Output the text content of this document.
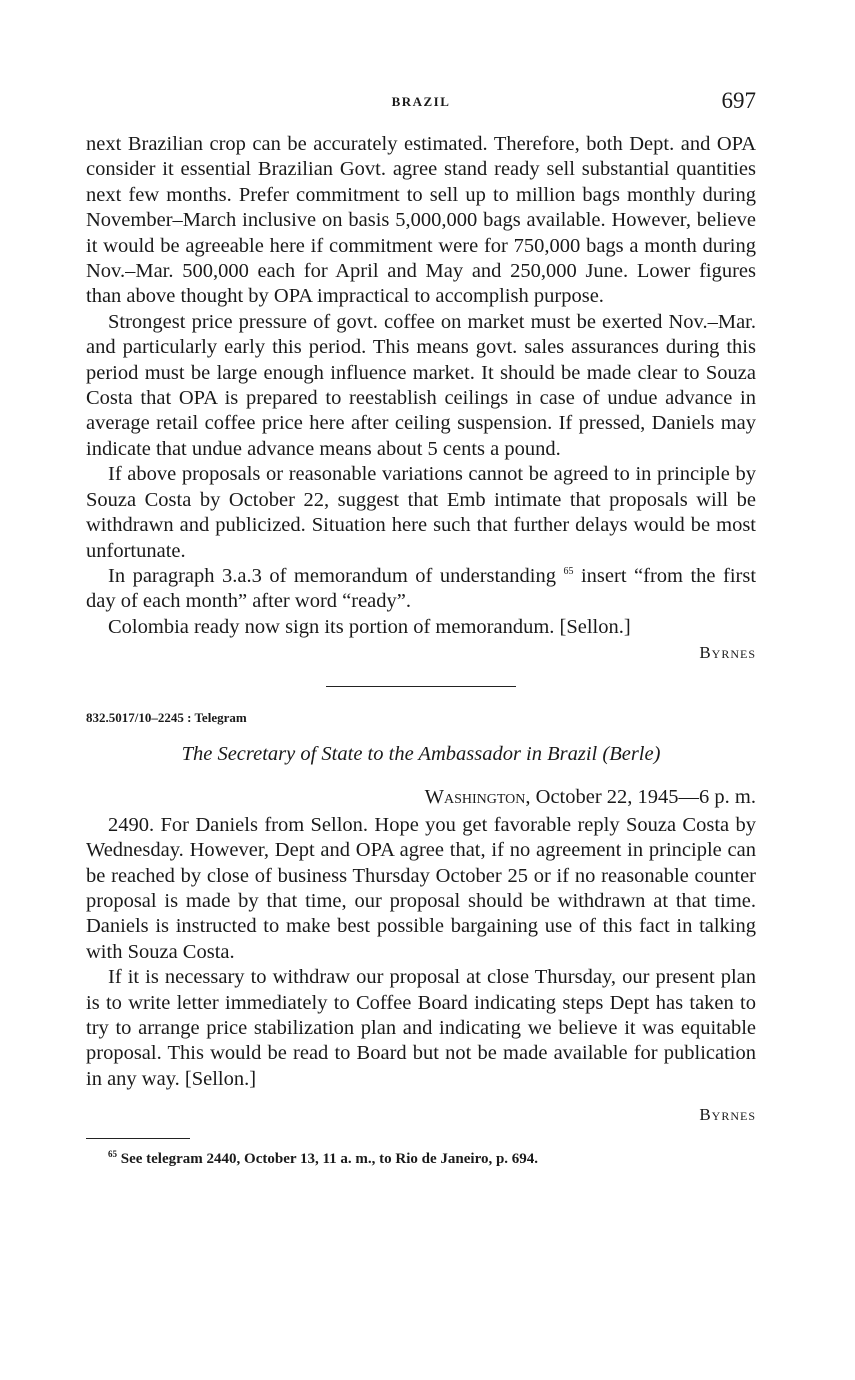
BRAZIL	697

next Brazilian crop can be accurately estimated. Therefore, both Dept. and OPA consider it essential Brazilian Govt. agree stand ready sell substantial quantities next few months. Prefer commitment to sell up to million bags monthly during November–March inclusive on basis 5,000,000 bags available. However, believe it would be agreeable here if commitment were for 750,000 bags a month during Nov.–Mar. 500,000 each for April and May and 250,000 June. Lower figures than above thought by OPA impractical to accomplish purpose.

Strongest price pressure of govt. coffee on market must be exerted Nov.–Mar. and particularly early this period. This means govt. sales assurances during this period must be large enough influence market. It should be made clear to Souza Costa that OPA is prepared to reestablish ceilings in case of undue advance in average retail coffee price here after ceiling suspension. If pressed, Daniels may indicate that undue advance means about 5 cents a pound.

If above proposals or reasonable variations cannot be agreed to in principle by Souza Costa by October 22, suggest that Emb intimate that proposals will be withdrawn and publicized. Situation here such that further delays would be most unfortunate.

In paragraph 3.a.3 of memorandum of understanding $^{65}$ insert “from the first day of each month” after word “ready”.

Colombia ready now sign its portion of memorandum. [Sellon.]

Byrnes
832.5017/10–2245 : Telegram
The Secretary of State to the Ambassador in Brazil (Berle)
Washington, October 22, 1945—6 p. m.

2490. For Daniels from Sellon. Hope you get favorable reply Souza Costa by Wednesday. However, Dept and OPA agree that, if no agreement in principle can be reached by close of business Thursday October 25 or if no reasonable counter proposal is made by that time, our proposal should be withdrawn at that time. Daniels is instructed to make best possible bargaining use of this fact in talking with Souza Costa.

If it is necessary to withdraw our proposal at close Thursday, our present plan is to write letter immediately to Coffee Board indicating steps Dept has taken to try to arrange price stabilization plan and indicating we believe it was equitable proposal. This would be read to Board but not be made available for publication in any way. [Sellon.]

Byrnes

$^{65}$ See telegram 2440, October 13, 11 a. m., to Rio de Janeiro, p. 694.
